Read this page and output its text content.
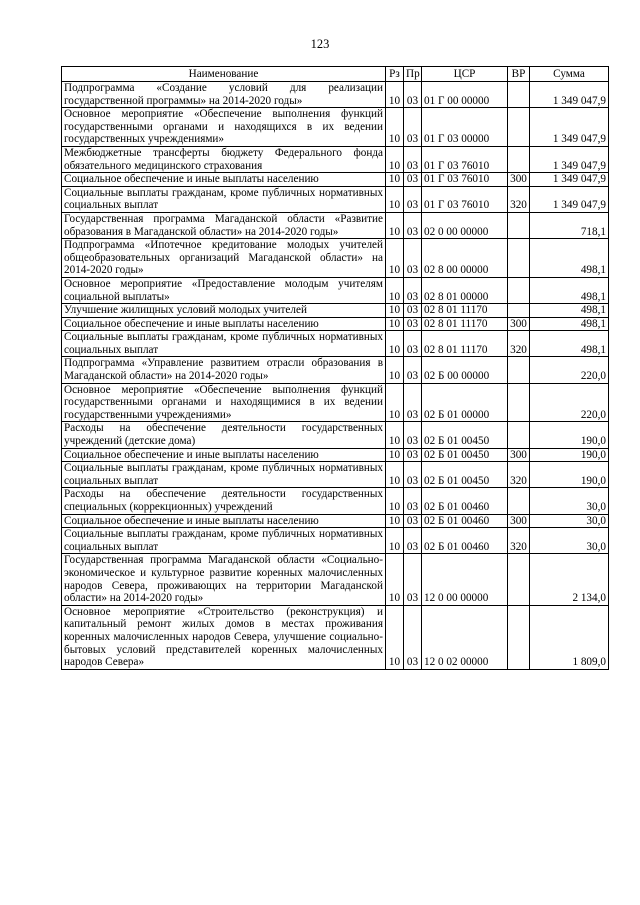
123
Наименование	Рз	Пр	ЦСР	ВР	Сумма
Подпрограмма «Создание условий для реализации государственной программы» на 2014-2020 годы»	10	03	01 Г 00 00000		1 349 047,9
Основное мероприятие «Обеспечение выполнения функций государственными органами и находящихся в их ведении государственных учреждениями»	10	03	01 Г 03 00000		1 349 047,9
Межбюджетные трансферты бюджету Федерального фонда обязательного медицинского страхования	10	03	01 Г 03 76010		1 349 047,9
Социальное обеспечение и иные выплаты населению	10	03	01 Г 03 76010	300	1 349 047,9
Социальные выплаты гражданам, кроме публичных нормативных социальных выплат	10	03	01 Г 03 76010	320	1 349 047,9
Государственная программа Магаданской области «Развитие образования в Магаданской области» на 2014-2020 годы»	10	03	02 0 00 00000		718,1
Подпрограмма «Ипотечное кредитование молодых учителей общеобразовательных организаций Магаданской области» на 2014-2020 годы»	10	03	02 8 00 00000		498,1
Основное мероприятие «Предоставление молодым учителям социальной выплаты»	10	03	02 8 01 00000		498,1
Улучшение жилищных условий молодых учителей	10	03	02 8 01 11170		498,1
Социальное обеспечение и иные выплаты населению	10	03	02 8 01 11170	300	498,1
Социальные выплаты гражданам, кроме публичных нормативных социальных выплат	10	03	02 8 01 11170	320	498,1
Подпрограмма «Управление развитием отрасли образования в Магаданской области» на 2014-2020 годы»	10	03	02 Б 00 00000		220,0
Основное мероприятие «Обеспечение выполнения функций государственными органами и находящимися в их ведении государственными учреждениями»	10	03	02 Б 01 00000		220,0
Расходы на обеспечение деятельности государственных учреждений (детские дома)	10	03	02 Б 01 00450		190,0
Социальное обеспечение и иные выплаты населению	10	03	02 Б 01 00450	300	190,0
Социальные выплаты гражданам, кроме публичных нормативных социальных выплат	10	03	02 Б 01 00450	320	190,0
Расходы на обеспечение деятельности государственных специальных (коррекционных) учреждений	10	03	02 Б 01 00460		30,0
Социальное обеспечение и иные выплаты населению	10	03	02 Б 01 00460	300	30,0
Социальные выплаты гражданам, кроме публичных нормативных социальных выплат	10	03	02 Б 01 00460	320	30,0
Государственная программа Магаданской области «Социально-экономическое и культурное развитие коренных малочисленных народов Севера, проживающих на территории Магаданской области» на 2014-2020 годы»	10	03	12 0 00 00000		2 134,0
Основное мероприятие «Строительство (реконструкция) и капитальный ремонт жилых домов в местах проживания коренных малочисленных народов Севера, улучшение социально-бытовых условий представителей коренных малочисленных народов Севера»	10	03	12 0 02 00000		1 809,0
